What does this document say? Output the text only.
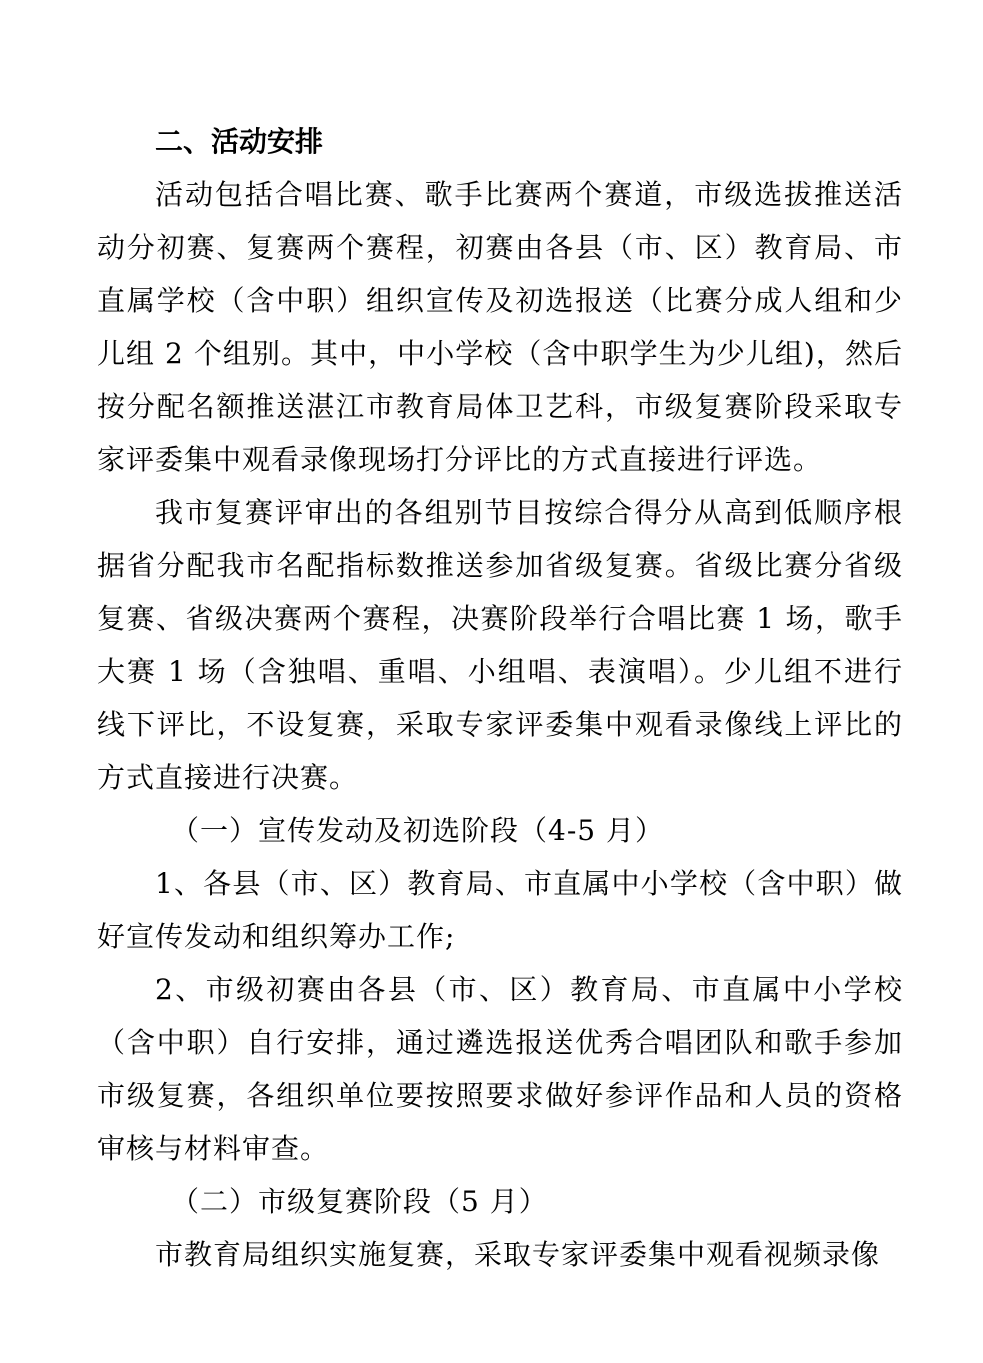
二、活动安排

活动包括合唱比赛、歌手比赛两个赛道，市级选拔推送活动分初赛、复赛两个赛程，初赛由各县（市、区）教育局、市直属学校（含中职）组织宣传及初选报送（比赛分成人组和少儿组 2 个组别。其中，中小学校（含中职学生为少儿组)，然后按分配名额推送湛江市教育局体卫艺科，市级复赛阶段采取专家评委集中观看录像现场打分评比的方式直接进行评选。

我市复赛评审出的各组别节目按综合得分从高到低顺序根据省分配我市名配指标数推送参加省级复赛。省级比赛分省级复赛、省级决赛两个赛程，决赛阶段举行合唱比赛 1 场，歌手大赛 1 场（含独唱、重唱、小组唱、表演唱）。少儿组不进行线下评比，不设复赛，采取专家评委集中观看录像线上评比的方式直接进行决赛。

（一）宣传发动及初选阶段（4-5 月）

1、各县（市、区）教育局、市直属中小学校（含中职）做好宣传发动和组织筹办工作;

2、市级初赛由各县（市、区）教育局、市直属中小学校（含中职）自行安排，通过遴选报送优秀合唱团队和歌手参加市级复赛，各组织单位要按照要求做好参评作品和人员的资格审核与材料审查。

（二）市级复赛阶段（5 月）

市教育局组织实施复赛，采取专家评委集中观看视频录像
